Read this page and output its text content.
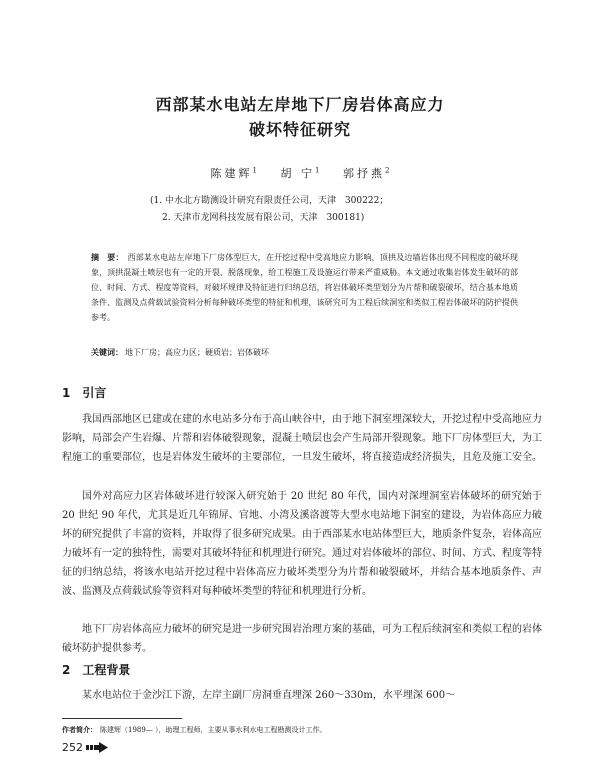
西部某水电站左岸地下厂房岩体高应力
破坏特征研究
陈建辉$^1$ 胡 宁$^1$ 郭抒燕$^2$
(1. 中水北方勘测设计研究有限责任公司，天津　300222；
2. 天津市龙网科技发展有限公司，天津　300181)
摘　要： 西部某水电站左岸地下厂房体型巨大，在开挖过程中受高地应力影响，顶拱及边墙岩体出现不同程度的破坏现象，顶拱混凝土喷层也有一定的开裂、脱落现象，给工程施工及设施运行带来严重威胁。本文通过收集岩体发生破坏的部位、时间、方式、程度等资料，对破坏规律及特征进行归纳总结，将岩体破坏类型划分为片帮和破裂破坏，结合基本地质条件、监测及点荷载试验资料分析每种破坏类型的特征和机理，该研究可为工程后续洞室和类似工程岩体破坏的防护提供参考。
关键词： 地下厂房；高应力区；硬质岩；岩体破坏
1 引言
我国西部地区已建或在建的水电站多分布于高山峡谷中，由于地下洞室埋深较大，开挖过程中受高地应力影响，局部会产生岩爆、片帮和岩体破裂现象，混凝土喷层也会产生局部开裂现象。地下厂房体型巨大，为工程施工的重要部位，也是岩体发生破坏的主要部位，一旦发生破坏，将直接造成经济损失，且危及施工安全。
国外对高应力区岩体破坏进行较深入研究始于 20 世纪 80 年代，国内对深埋洞室岩体破坏的研究始于 20 世纪 90 年代，尤其是近几年锦屏、官地、小湾及溪洛渡等大型水电站地下洞室的建设，为岩体高应力破坏的研究提供了丰富的资料，并取得了很多研究成果。由于西部某水电站体型巨大，地质条件复杂，岩体高应力破坏有一定的独特性，需要对其破坏特征和机理进行研究。通过对岩体破坏的部位、时间、方式、程度等特征的归纳总结，将该水电站开挖过程中岩体高应力破坏类型分为片帮和破裂破坏，并结合基本地质条件、声波、监测及点荷载试验等资料对每种破坏类型的特征和机理进行分析。
地下厂房岩体高应力破坏的研究是进一步研究围岩治理方案的基础，可为工程后续洞室和类似工程的岩体破坏防护提供参考。
2 工程背景
某水电站位于金沙江下游，左岸主副厂房洞垂直埋深 260～330m，水平埋深 600～
作者简介： 陈建辉（1989— ），助理工程师，主要从事水利水电工程勘测设计工作。
252
